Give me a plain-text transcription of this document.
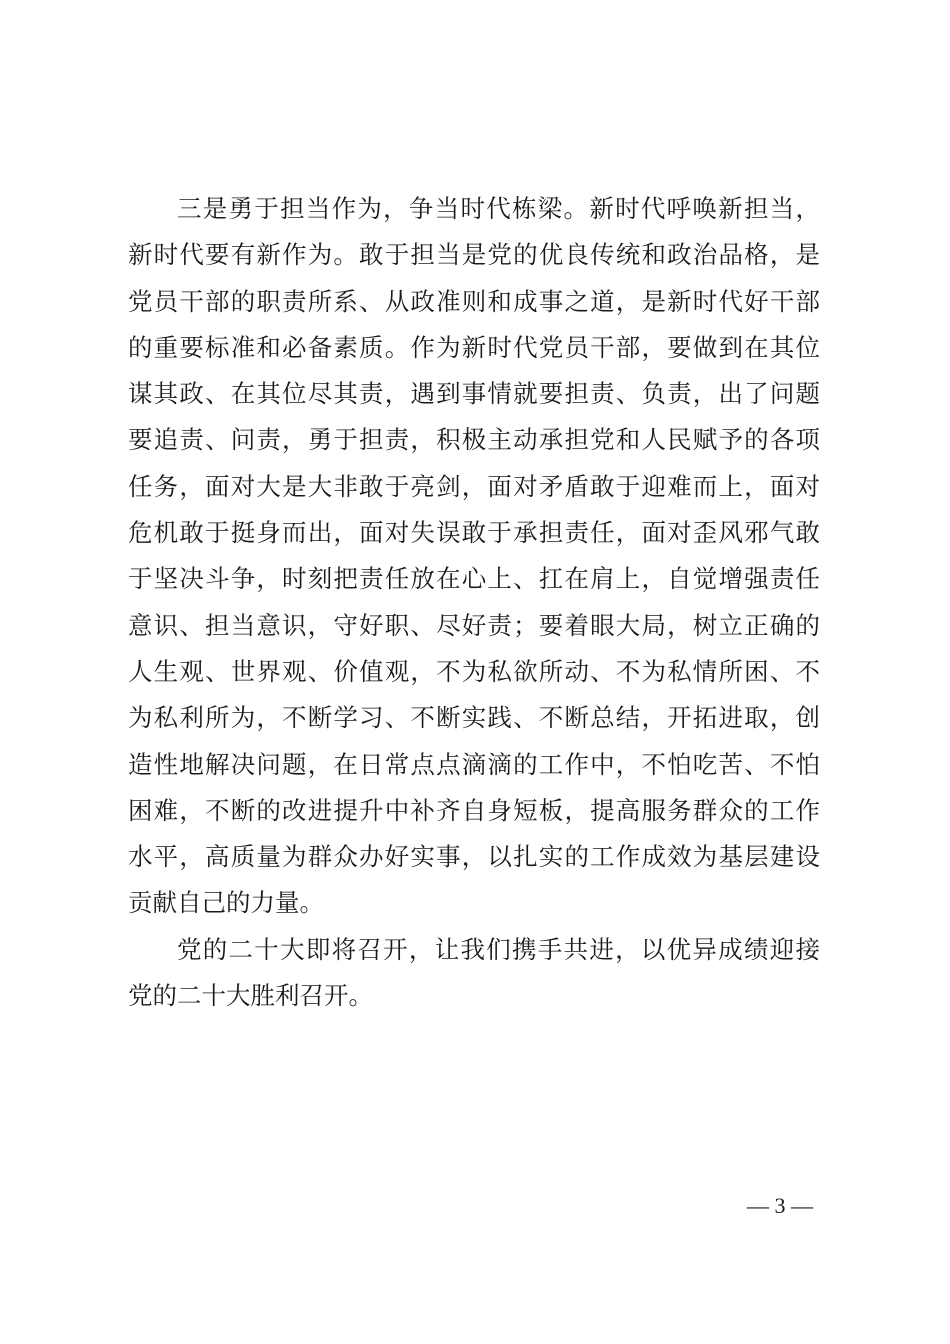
三是勇于担当作为，争当时代栋梁。新时代呼唤新担当，
新时代要有新作为。敢于担当是党的优良传统和政治品格，是
党员干部的职责所系、从政准则和成事之道，是新时代好干部
的重要标准和必备素质。作为新时代党员干部，要做到在其位
谋其政、在其位尽其责，遇到事情就要担责、负责，出了问题
要追责、问责，勇于担责，积极主动承担党和人民赋予的各项
任务，面对大是大非敢于亮剑，面对矛盾敢于迎难而上，面对
危机敢于挺身而出，面对失误敢于承担责任，面对歪风邪气敢
于坚决斗争，时刻把责任放在心上、扛在肩上，自觉增强责任
意识、担当意识，守好职、尽好责；要着眼大局，树立正确的
人生观、世界观、价值观，不为私欲所动、不为私情所困、不
为私利所为，不断学习、不断实践、不断总结，开拓进取，创
造性地解决问题，在日常点点滴滴的工作中，不怕吃苦、不怕
困难，不断的改进提升中补齐自身短板，提高服务群众的工作
水平，高质量为群众办好实事，以扎实的工作成效为基层建设
贡献自己的力量。
党的二十大即将召开，让我们携手共进，以优异成绩迎接
党的二十大胜利召开。
— 3 —
